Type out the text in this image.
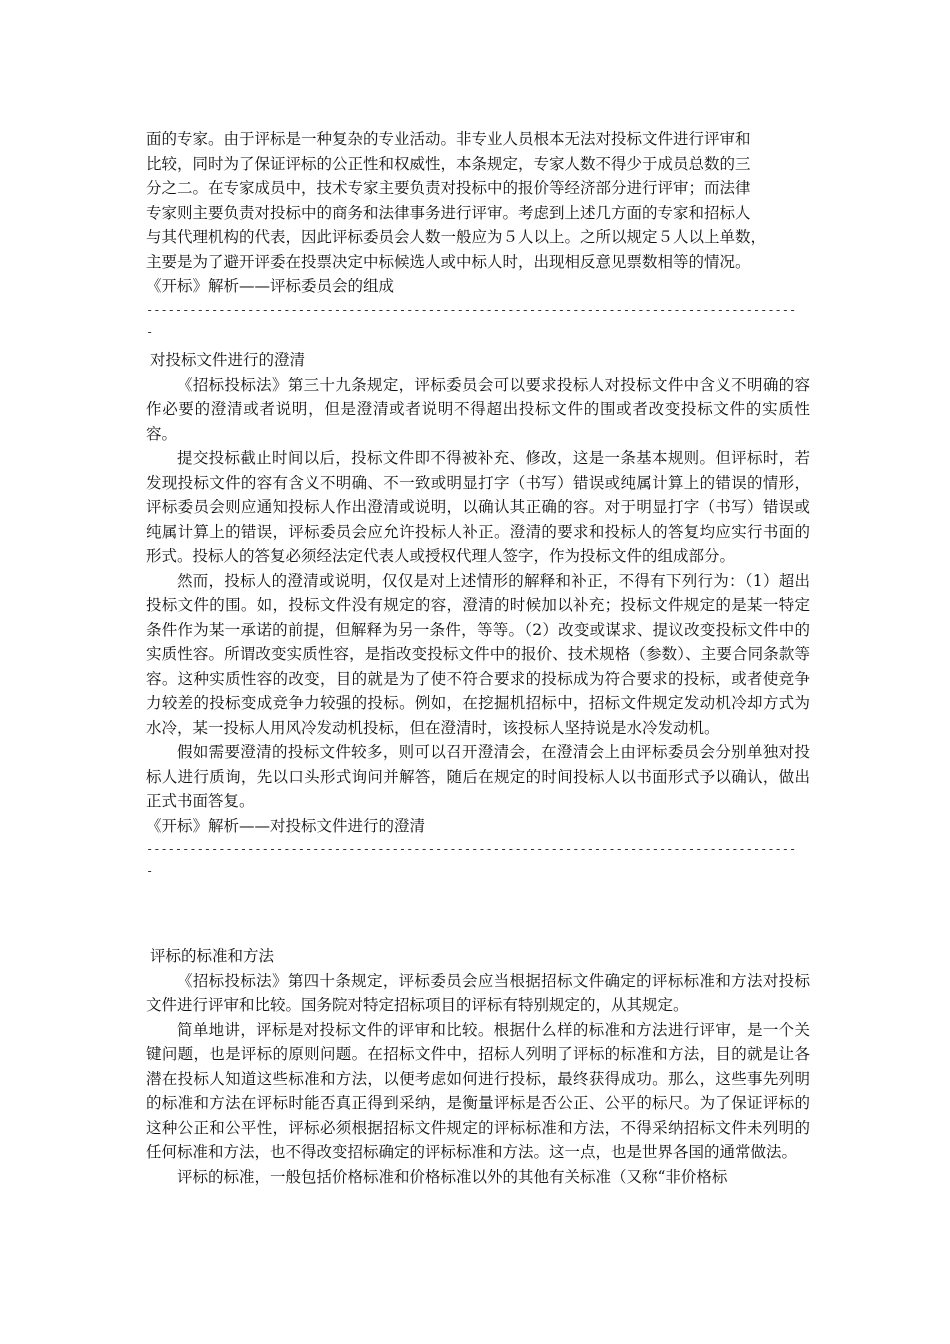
面的专家。由于评标是一种复杂的专业活动。非专业人员根本无法对投标文件进行评审和
比较，同时为了保证评标的公正性和权威性，本条规定，专家人数不得少于成员总数的三
分之二。在专家成员中，技术专家主要负责对投标中的报价等经济部分进行评审；而法律
专家则主要负责对投标中的商务和法律事务进行评审。考虑到上述几方面的专家和招标人
与其代理机构的代表，因此评标委员会人数一般应为５人以上。之所以规定５人以上单数，
主要是为了避开评委在投票决定中标候选人或中标人时，出现相反意见票数相等的情况。

《开标》解析——评标委员会的组成

------------------------------------------------------------------------------------------

-

对投标文件进行的澄清

《招标投标法》第三十九条规定，评标委员会可以要求投标人对投标文件中含义不明确的容作必要的澄清或者说明，但是澄清或者说明不得超出投标文件的围或者改变投标文件的实质性容。

提交投标截止时间以后，投标文件即不得被补充、修改，这是一条基本规则。但评标时，若发现投标文件的容有含义不明确、不一致或明显打字（书写）错误或纯属计算上的错误的情形，评标委员会则应通知投标人作出澄清或说明，以确认其正确的容。对于明显打字（书写）错误或纯属计算上的错误，评标委员会应允许投标人补正。澄清的要求和投标人的答复均应实行书面的形式。投标人的答复必须经法定代表人或授权代理人签字，作为投标文件的组成部分。

然而，投标人的澄清或说明，仅仅是对上述情形的解释和补正，不得有下列行为：（1）超出投标文件的围。如，投标文件没有规定的容，澄清的时候加以补充；投标文件规定的是某一特定条件作为某一承诺的前提，但解释为另一条件，等等。（2）改变或谋求、提议改变投标文件中的实质性容。所谓改变实质性容，是指改变投标文件中的报价、技术规格（参数）、主要合同条款等容。这种实质性容的改变，目的就是为了使不符合要求的投标成为符合要求的投标，或者使竞争力较差的投标变成竞争力较强的投标。例如，在挖掘机招标中，招标文件规定发动机冷却方式为水冷，某一投标人用风冷发动机投标，但在澄清时，该投标人坚持说是水冷发动机。

假如需要澄清的投标文件较多，则可以召开澄清会，在澄清会上由评标委员会分别单独对投标人进行质询，先以口头形式询问并解答，随后在规定的时间投标人以书面形式予以确认，做出正式书面答复。

《开标》解析——对投标文件进行的澄清

------------------------------------------------------------------------------------------

-

评标的标准和方法

《招标投标法》第四十条规定，评标委员会应当根据招标文件确定的评标标准和方法对投标文件进行评审和比较。国务院对特定招标项目的评标有特别规定的，从其规定。

简单地讲，评标是对投标文件的评审和比较。根据什么样的标准和方法进行评审，是一个关键问题，也是评标的原则问题。在招标文件中，招标人列明了评标的标准和方法，目的就是让各潜在投标人知道这些标准和方法，以便考虑如何进行投标，最终获得成功。那么，这些事先列明的标准和方法在评标时能否真正得到采纳，是衡量评标是否公正、公平的标尺。为了保证评标的这种公正和公平性，评标必须根据招标文件规定的评标标准和方法，不得采纳招标文件未列明的任何标准和方法，也不得改变招标确定的评标标准和方法。这一点，也是世界各国的通常做法。

评标的标准，一般包括价格标准和价格标准以外的其他有关标准（又称“非价格标
